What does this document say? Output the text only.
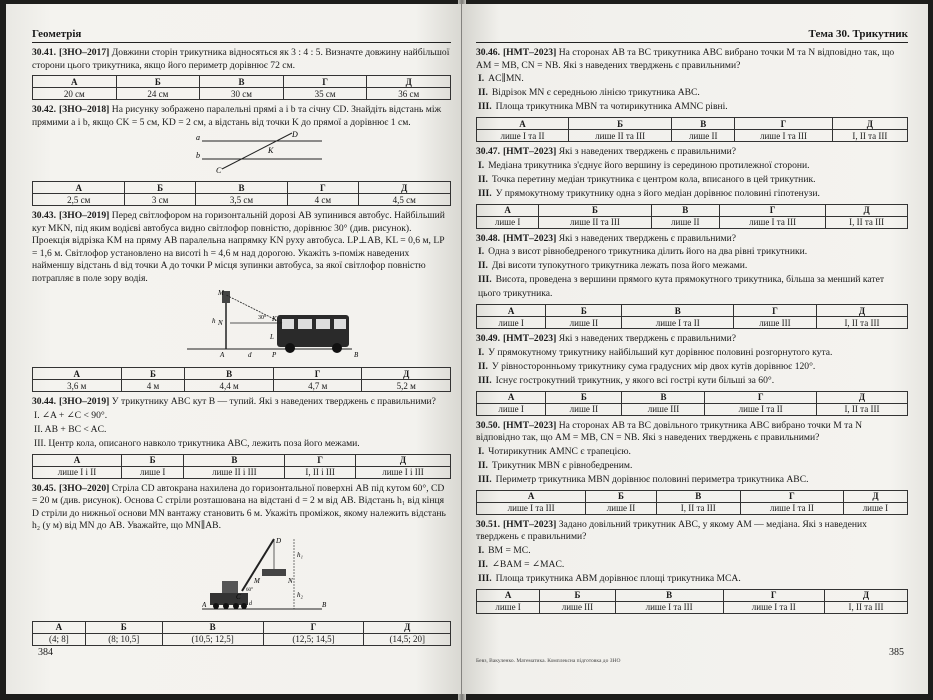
Геометрія
30.41. [ЗНО–2017] Довжини сторін трикутника відносяться як 3 : 4 : 5. Визначте довжину найбільшої сторони цього трикутника, якщо його периметр дорівнює 72 см.
А	Б	В	Г	Д
20 см	24 см	30 см	35 см	36 см
30.42. [ЗНО–2018] На рисунку зображено паралельні прямі a і b та січну CD. Знайдіть відстань між прямими a і b, якщо CK = 5 см, KD = 2 см, а відстань від точки K до прямої a дорівнює 1 см.
a
b
C
D
K
А	Б	В	Г	Д
2,5 см	3 см	3,5 см	4 см	4,5 см
30.43. [ЗНО–2019] Перед світлофором на горизонтальній дорозі AB зупинився автобус. Найбільший кут MKN, під яким водієві автобуса видно світлофор повністю, дорівнює 30° (див. рисунок). Проекція відрізка KM на пряму AB паралельна напрямку KN руху автобуса. LP⊥AB, KL = 0,6 м, LP = 1,6 м. Світлофор установлено на висоті h = 4,6 м над дорогою. Укажіть з-поміж наведених найменшу відстань d від точки A до точки P місця зупинки автобуса, за якої світлофор повністю потрапляє в поле зору водія.
M
N	K
L
P
A	B
h
d
30°
А	Б	В	Г	Д
3,6 м	4 м	4,4 м	4,7 м	5,2 м
30.44. [ЗНО–2019] У трикутнику ABC кут B — тупий. Які з наведених тверджень є правильними?
I. ∠A + ∠C < 90°.
II. AB + BC < AC.
III. Центр кола, описаного навколо трикутника ABC, лежить поза його межами.
А	Б	В	Г	Д
лише I і II	лише I	лише II і III	I, II і III	лише I і III
30.45. [ЗНО–2020] Стріла CD автокрана нахилена до горизонтальної поверхні AB під кутом 60°, CD = 20 м (див. рисунок). Основа C стріли розташована на відстані d = 2 м від AB. Відстань h₁ від кінця D стріли до нижньої основи MN вантажу становить 6 м. Укажіть проміжок, якому належить відстань h₂ (у м) від MN до AB. Уважайте, що MN∥AB.
D
M	N
h₁
h₂
C
A	B
d
60°
А	Б	В	Г	Д
(4; 8]	(8; 10,5]	(10,5; 12,5]	(12,5; 14,5]	(14,5; 20]
384
Тема 30. Трикутник
30.46. [НМТ–2023] На сторонах AB та BC трикутника ABC вибрано точки M та N відповідно так, що AM = MB, CN = NB. Які з наведених тверджень є правильними?
I. AC∥MN.
II. Відрізок MN є середньою лінією трикутника ABC.
III. Площа трикутника MBN та чотирикутника AMNC рівні.
А	Б	В	Г	Д
лише I та II	лише II та III	лише II	лише I та III	I, II та III
30.47. [НМТ–2023] Які з наведених тверджень є правильними?
I. Медіана трикутника з'єднує його вершину із серединою протилежної сторони.
II. Точка перетину медіан трикутника є центром кола, вписаного в цей трикутник.
III. У прямокутному трикутнику одна з його медіан дорівнює половині гіпотенузи.
А	Б	В	Г	Д
лише I	лише II та III	лише II	лише I та III	I, II та III
30.48. [НМТ–2023] Які з наведених тверджень є правильними?
I. Одна з висот рівнобедреного трикутника ділить його на два рівні трикутники.
II. Дві висоти тупокутного трикутника лежать поза його межами.
III. Висота, проведена з вершини прямого кута прямокутного трикутника, більша за менший катет цього трикутника.
А	Б	В	Г	Д
лише I	лише II	лише I та II	лише III	I, II та III
30.49. [НМТ–2023] Які з наведених тверджень є правильними?
I. У прямокутному трикутнику найбільший кут дорівнює половині розгорнутого кута.
II. У рівносторонньому трикутнику сума градусних мір двох кутів дорівнює 120°.
III. Існує гострокутний трикутник, у якого всі гострі кути більші за 60°.
А	Б	В	Г	Д
лише I	лише II	лише III	лише I та II	I, II та III
30.50. [НМТ–2023] На сторонах AB та BC довільного трикутника ABC вибрано точки M та N відповідно так, що AM = MB, CN = NB. Які з наведених тверджень є правильними?
I. Чотирикутник AMNC є трапецією.
II. Трикутник MBN є рівнобедреним.
III. Периметр трикутника MBN дорівнює половині периметра трикутника ABC.
А	Б	В	Г	Д
лише I та III	лише II	I, II та III	лише I та II	лише I
30.51. [НМТ–2023] Задано довільний трикутник ABC, у якому AM — медіана. Які з наведених тверджень є правильними?
I. BM = MC.
II. ∠BAM = ∠MAC.
III. Площа трикутника ABM дорівнює площі трикутника MCA.
А	Б	В	Г	Д
лише I	лише III	лише I та III	лише I та II	I, II та III
Бевз, Вакуленко. Математика. Комплексна підготовка до ЗНО
385
